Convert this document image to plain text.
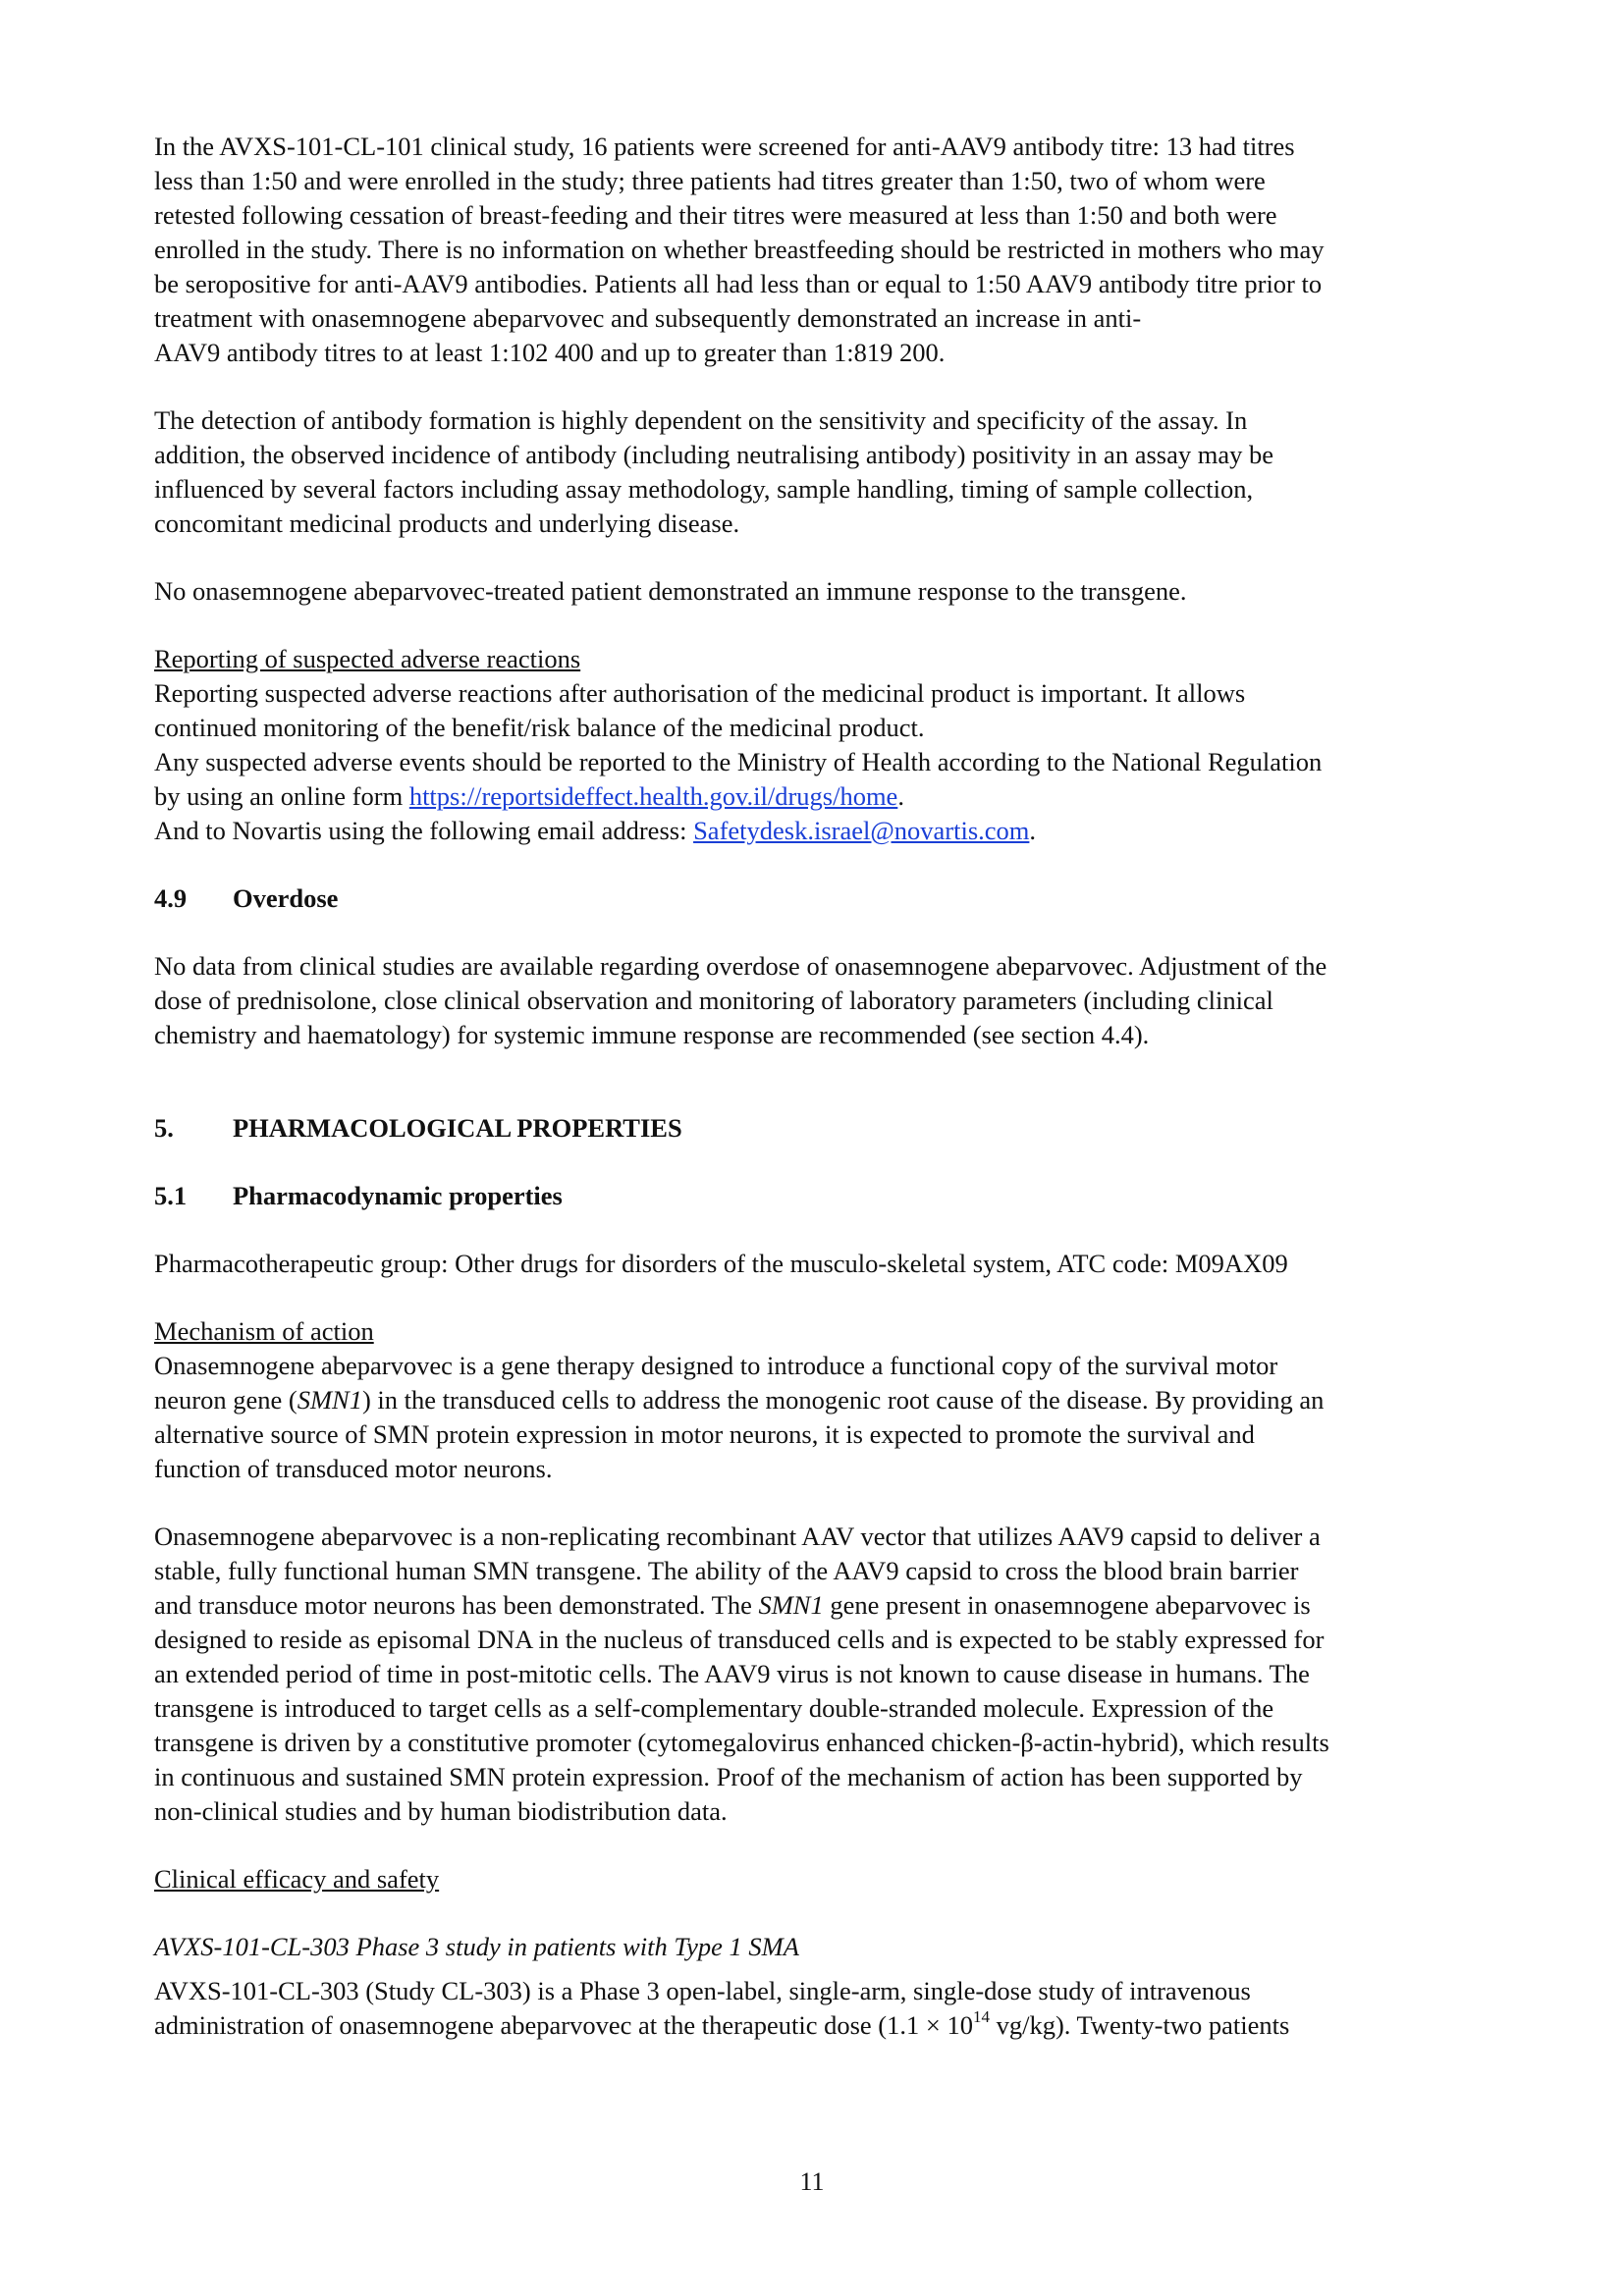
In the AVXS-101-CL-101 clinical study, 16 patients were screened for anti-AAV9 antibody titre: 13 had titres
less than 1:50 and were enrolled in the study; three patients had titres greater than 1:50, two of whom were
retested following cessation of breast-feeding and their titres were measured at less than 1:50 and both were
enrolled in the study. There is no information on whether breastfeeding should be restricted in mothers who may
be seropositive for anti-AAV9 antibodies. Patients all had less than or equal to 1:50 AAV9 antibody titre prior to
treatment with onasemnogene abeparvovec and subsequently demonstrated an increase in anti-
AAV9 antibody titres to at least 1:102 400 and up to greater than 1:819 200.
The detection of antibody formation is highly dependent on the sensitivity and specificity of the assay. In
addition, the observed incidence of antibody (including neutralising antibody) positivity in an assay may be
influenced by several factors including assay methodology, sample handling, timing of sample collection,
concomitant medicinal products and underlying disease.
No onasemnogene abeparvovec-treated patient demonstrated an immune response to the transgene.
Reporting of suspected adverse reactions
Reporting suspected adverse reactions after authorisation of the medicinal product is important. It allows
continued monitoring of the benefit/risk balance of the medicinal product.
Any suspected adverse events should be reported to the Ministry of Health according to the National Regulation
by using an online form https://reportsideffect.health.gov.il/drugs/home.
And to Novartis using the following email address: Safetydesk.israel@novartis.com.
4.9 Overdose
No data from clinical studies are available regarding overdose of onasemnogene abeparvovec. Adjustment of the
dose of prednisolone, close clinical observation and monitoring of laboratory parameters (including clinical
chemistry and haematology) for systemic immune response are recommended (see section 4.4).
5. PHARMACOLOGICAL PROPERTIES
5.1 Pharmacodynamic properties
Pharmacotherapeutic group: Other drugs for disorders of the musculo-skeletal system, ATC code: M09AX09
Mechanism of action
Onasemnogene abeparvovec is a gene therapy designed to introduce a functional copy of the survival motor
neuron gene (SMN1) in the transduced cells to address the monogenic root cause of the disease. By providing an
alternative source of SMN protein expression in motor neurons, it is expected to promote the survival and
function of transduced motor neurons.
Onasemnogene abeparvovec is a non-replicating recombinant AAV vector that utilizes AAV9 capsid to deliver a
stable, fully functional human SMN transgene. The ability of the AAV9 capsid to cross the blood brain barrier
and transduce motor neurons has been demonstrated. The SMN1 gene present in onasemnogene abeparvovec is
designed to reside as episomal DNA in the nucleus of transduced cells and is expected to be stably expressed for
an extended period of time in post-mitotic cells. The AAV9 virus is not known to cause disease in humans. The
transgene is introduced to target cells as a self-complementary double-stranded molecule. Expression of the
transgene is driven by a constitutive promoter (cytomegalovirus enhanced chicken-β-actin-hybrid), which results
in continuous and sustained SMN protein expression. Proof of the mechanism of action has been supported by
non-clinical studies and by human biodistribution data.
Clinical efficacy and safety
AVXS-101-CL-303 Phase 3 study in patients with Type 1 SMA
AVXS-101-CL-303 (Study CL-303) is a Phase 3 open-label, single-arm, single-dose study of intravenous
administration of onasemnogene abeparvovec at the therapeutic dose ($1.1 \times 10^{14}$ vg/kg). Twenty-two patients
11
